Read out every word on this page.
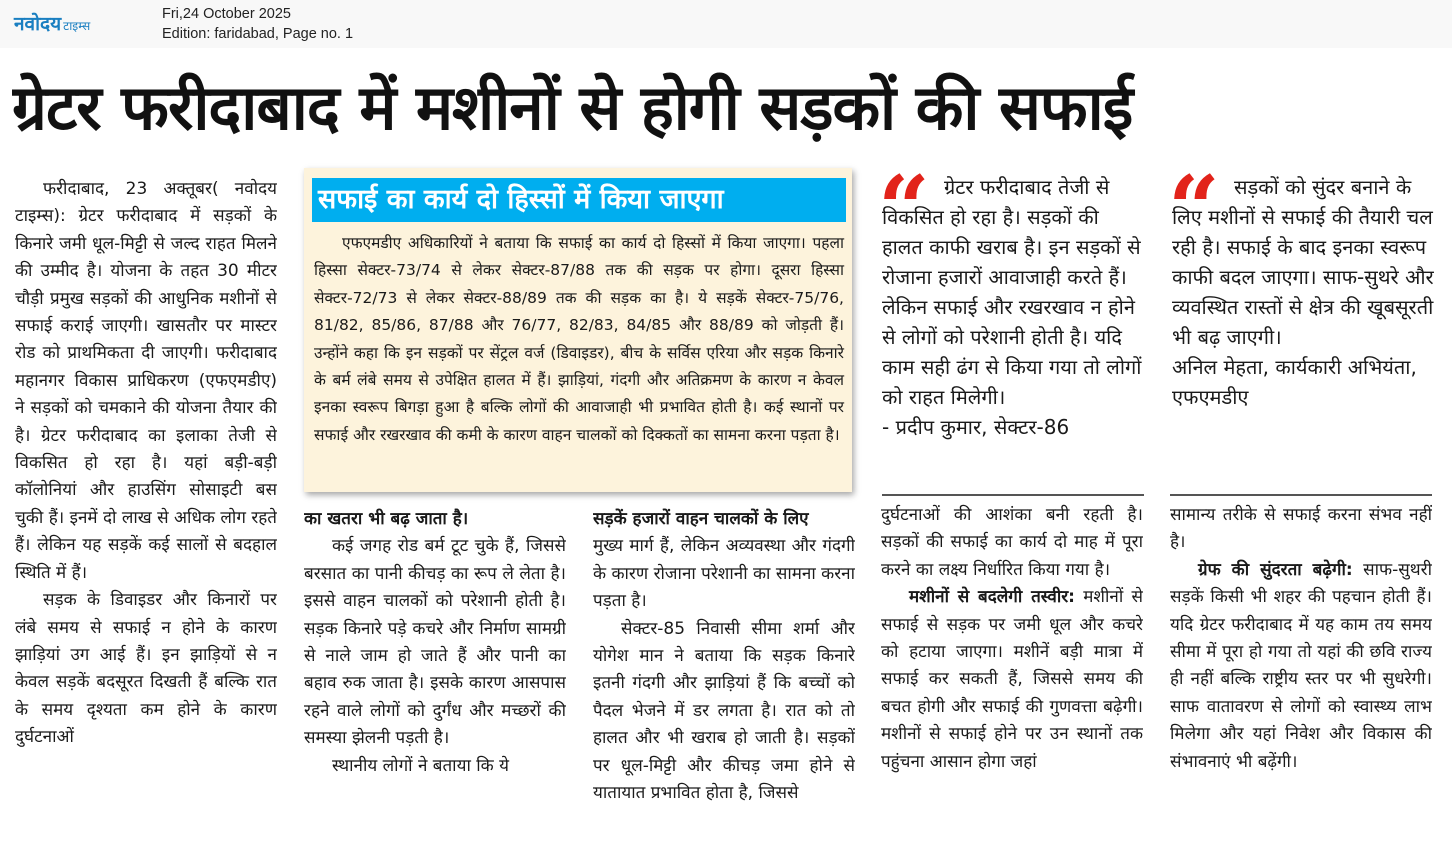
नवोदय टाइम्स
Fri,24 October 2025
Edition: faridabad, Page no. 1
ग्रेटर फरीदाबाद में मशीनों से होगी सड़कों की सफाई

फरीदाबाद, 23 अक्तूबर( नवोदय टाइम्स): ग्रेटर फरीदाबाद में सड़कों के किनारे जमी धूल-मिट्टी से जल्द राहत मिलने की उम्मीद है। योजना के तहत 30 मीटर चौड़ी प्रमुख सड़कों की आधुनिक मशीनों से सफाई कराई जाएगी। खासतौर पर मास्टर रोड को प्राथमिकता दी जाएगी। फरीदाबाद महानगर विकास प्राधिकरण (एफएमडीए) ने सड़कों को चमकाने की योजना तैयार की है। ग्रेटर फरीदाबाद का इलाका तेजी से विकसित हो रहा है। यहां बड़ी-बड़ी कॉलोनियां और हाउसिंग सोसाइटी बस चुकी हैं। इनमें दो लाख से अधिक लोग रहते हैं। लेकिन यह सड़कें कई सालों से बदहाल स्थिति में हैं।

सड़क के डिवाइडर और किनारों पर लंबे समय से सफाई न होने के कारण झाड़ियां उग आई हैं। इन झाड़ियों से न केवल सड़कें बदसूरत दिखती हैं बल्कि रात के समय दृश्यता कम होने के कारण दुर्घटनाओं

सफाई का कार्य दो हिस्सों में किया जाएगा
एफएमडीए अधिकारियों ने बताया कि सफाई का कार्य दो हिस्सों में किया जाएगा। पहला हिस्सा सेक्टर-73/74 से लेकर सेक्टर-87/88 तक की सड़क पर होगा। दूसरा हिस्सा सेक्टर-72/73 से लेकर सेक्टर-88/89 तक की सड़क का है। ये सड़कें सेक्टर-75/76, 81/82, 85/86, 87/88 और 76/77, 82/83, 84/85 और 88/89 को जोड़ती हैं। उन्होंने कहा कि इन सड़कों पर सेंट्रल वर्ज (डिवाइडर), बीच के सर्विस एरिया और सड़क किनारे के बर्म लंबे समय से उपेक्षित हालत में हैं। झाड़ियां, गंदगी और अतिक्रमण के कारण न केवल इनका स्वरूप बिगड़ा हुआ है बल्कि लोगों की आवाजाही भी प्रभावित होती है। कई स्थानों पर सफाई और रखरखाव की कमी के कारण वाहन चालकों को दिक्कतों का सामना करना पड़ता है।

का खतरा भी बढ़ जाता है।

कई जगह रोड बर्म टूट चुके हैं, जिससे बरसात का पानी कीचड़ का रूप ले लेता है। इससे वाहन चालकों को परेशानी होती है। सड़क किनारे पड़े कचरे और निर्माण सामग्री से नाले जाम हो जाते हैं और पानी का बहाव रुक जाता है। इसके कारण आसपास रहने वाले लोगों को दुर्गंध और मच्छरों की समस्या झेलनी पड़ती है।

स्थानीय लोगों ने बताया कि ये

सड़कें हजारों वाहन चालकों के लिए

मुख्य मार्ग हैं, लेकिन अव्यवस्था और गंदगी के कारण रोजाना परेशानी का सामना करना पड़ता है।

सेक्टर-85 निवासी सीमा शर्मा और योगेश मान ने बताया कि सड़क किनारे इतनी गंदगी और झाड़ियां हैं कि बच्चों को पैदल भेजने में डर लगता है। रात को तो हालत और भी खराब हो जाती है। सड़कों पर धूल-मिट्टी और कीचड़ जमा होने से यातायात प्रभावित होता है, जिससे

“ ग्रेटर फरीदाबाद तेजी से विकसित हो रहा है। सड़कों की हालत काफी खराब है। इन सड़कों से रोजाना हजारों आवाजाही करते हैं। लेकिन सफाई और रखरखाव न होने से लोगों को परेशानी होती है। यदि काम सही ढंग से किया गया तो लोगों को राहत मिलेगी।

- प्रदीप कुमार, सेक्टर-86

“ सड़कों को सुंदर बनाने के लिए मशीनों से सफाई की तैयारी चल रही है। सफाई के बाद इनका स्वरूप काफी बदल जाएगा। साफ-सुथरे और व्यवस्थित रास्तों से क्षेत्र की खूबसूरती भी बढ़ जाएगी।

अनिल मेहता, कार्यकारी अभियंता, एफएमडीए

दुर्घटनाओं की आशंका बनी रहती है। सड़कों की सफाई का कार्य दो माह में पूरा करने का लक्ष्य निर्धारित किया गया है।

मशीनों से बदलेगी तस्वीर: मशीनों से सफाई से सड़क पर जमी धूल और कचरे को हटाया जाएगा। मशीनें बड़ी मात्रा में सफाई कर सकती हैं, जिससे समय की बचत होगी और सफाई की गुणवत्ता बढ़ेगी। मशीनों से सफाई होने पर उन स्थानों तक पहुंचना आसान होगा जहां

सामान्य तरीके से सफाई करना संभव नहीं है।

ग्रेफ की सुंदरता बढ़ेगी: साफ-सुथरी सड़कें किसी भी शहर की पहचान होती हैं। यदि ग्रेटर फरीदाबाद में यह काम तय समय सीमा में पूरा हो गया तो यहां की छवि राज्य ही नहीं बल्कि राष्ट्रीय स्तर पर भी सुधरेगी। साफ वातावरण से लोगों को स्वास्थ्य लाभ मिलेगा और यहां निवेश और विकास की संभावनाएं भी बढ़ेंगी।
